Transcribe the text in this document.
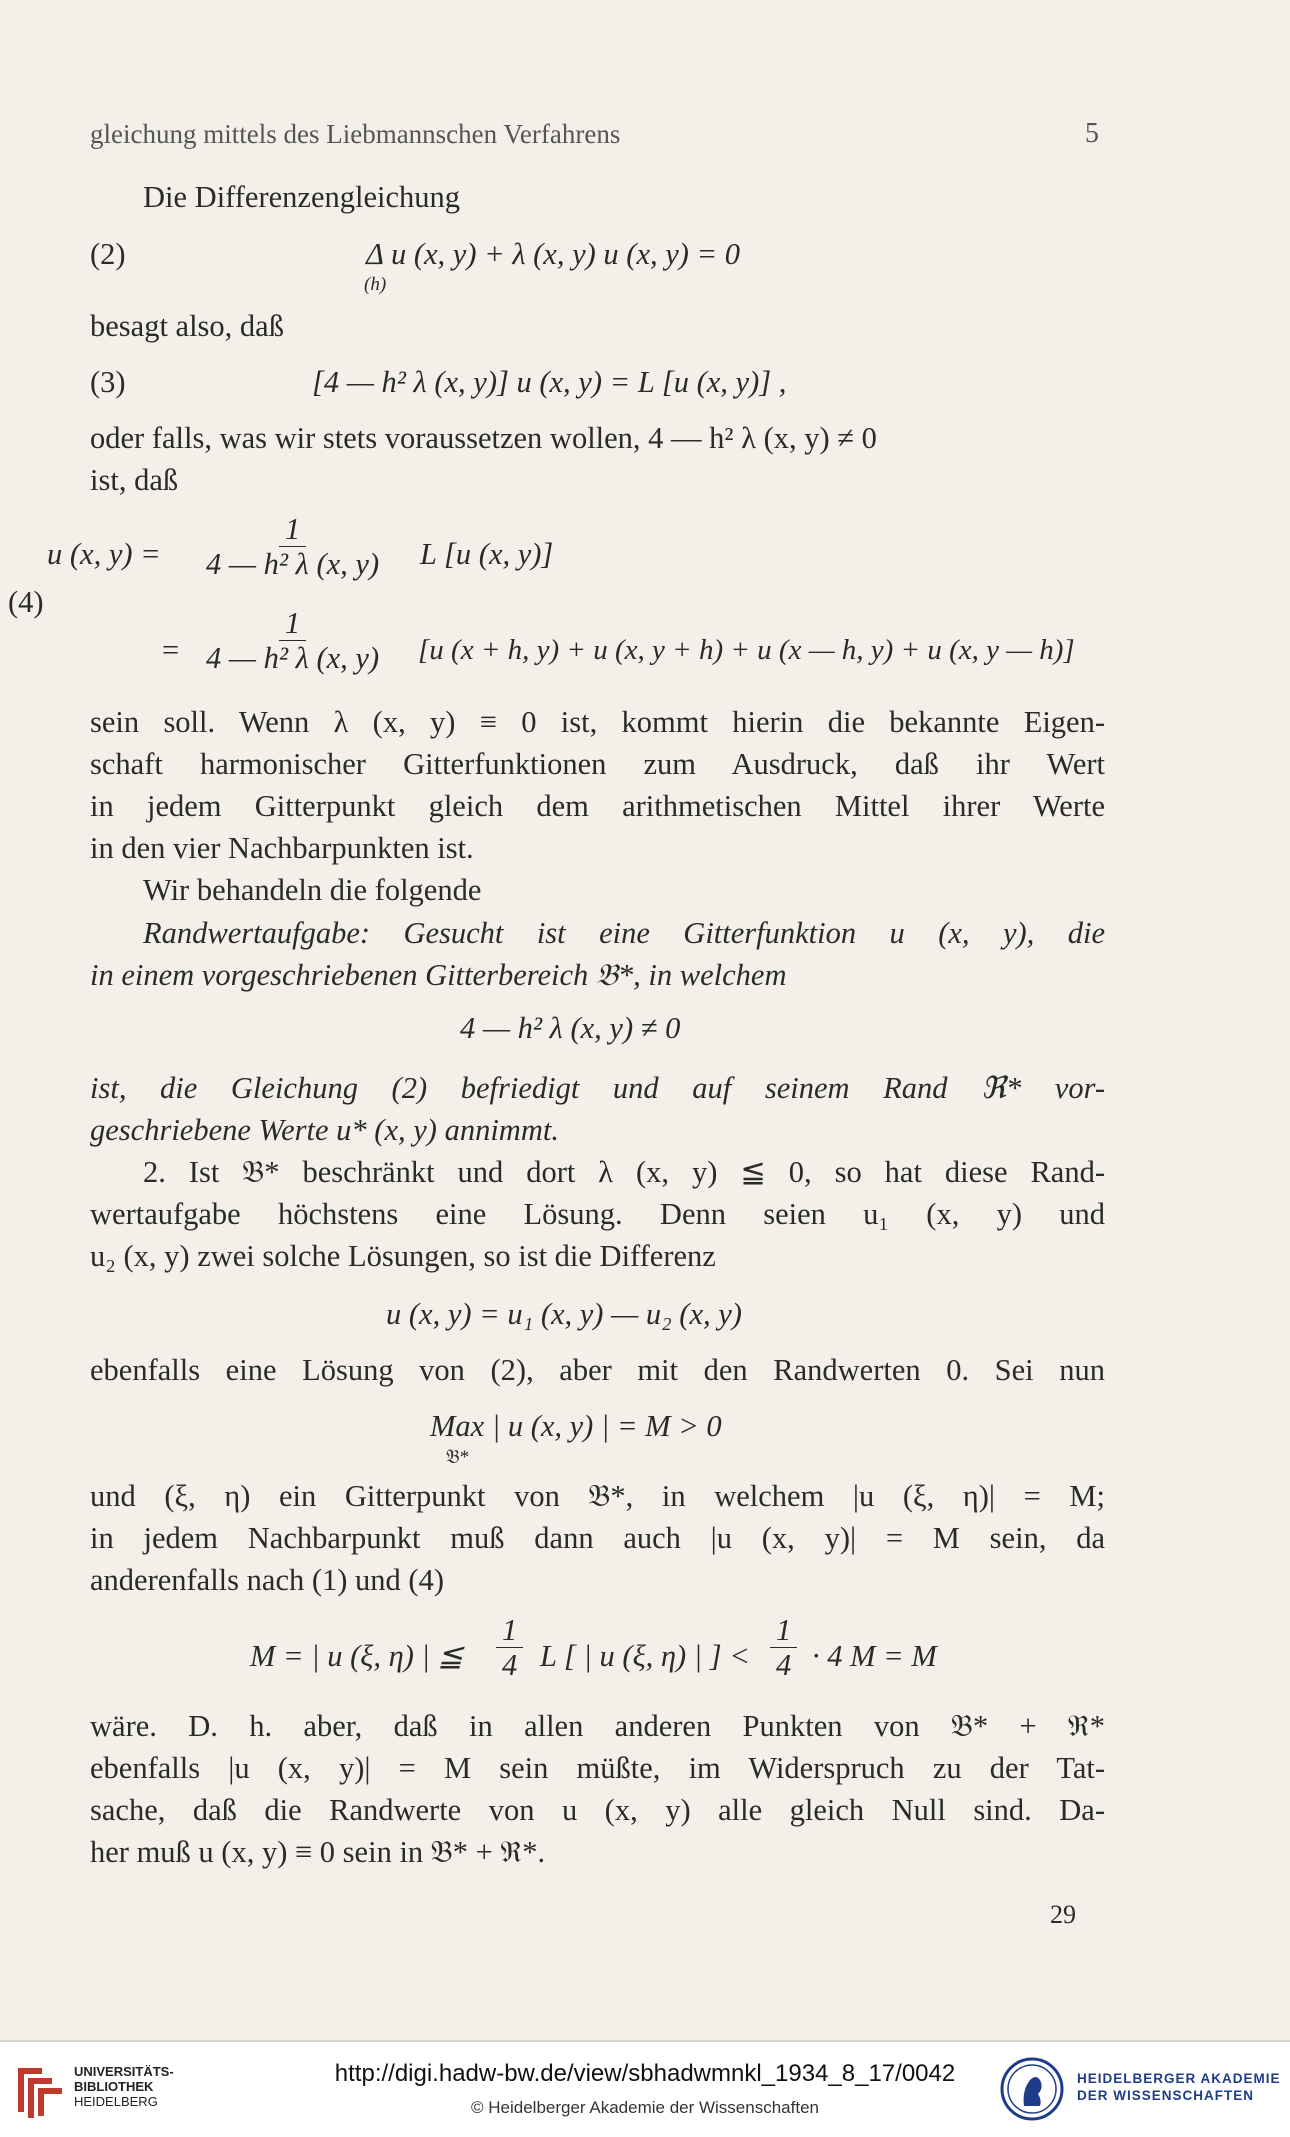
gleichung mittels des Liebmannschen Verfahrens	5
Die Differenzengleichung
(2)	Δ u (x, y) + λ (x, y) u (x, y) = 0
(h)
besagt also, daß
(3)	[4 — h² λ (x, y)] u (x, y) = L [u (x, y)] ,
oder falls, was wir stets voraussetzen wollen, 4 — h² λ (x, y) ≠ 0
ist, daß
(4)
u (x, $y) = \frac{1}{\text{4 — h² λ (x, y)}}$ L [u (x, y)]
= $\frac{1}{\text{4 — h² λ (x, y)}} [u$ (x + h, y) + u (x, y + h) + u (x — h, y) + u (x, y — h)]
sein soll. Wenn λ (x, y) ≡ 0 ist, kommt hierin die bekannte Eigen-
schaft harmonischer Gitterfunktionen zum Ausdruck, daß ihr Wert
in jedem Gitterpunkt gleich dem arithmetischen Mittel ihrer Werte
in den vier Nachbarpunkten ist.
Wir behandeln die folgende
Randwertaufgabe: Gesucht ist eine Gitterfunktion u (x, y), die
in einem vorgeschriebenen Gitterbereich 𝔅*, in welchem
4 — h² λ (x, y) ≠ 0
ist, die Gleichung (2) befriedigt und auf seinem Rand ℜ* vor-
geschriebene Werte u* (x, y) annimmt.
2. Ist 𝔅* beschränkt und dort λ (x, y) ≦ 0, so hat diese Rand-
wertaufgabe höchstens eine Lösung. Denn seien u₁ (x, y) und
u₂ (x, y) zwei solche Lösungen, so ist die Differenz
u (x, y) = u₁ (x, y) — u₂ (x, y)
ebenfalls eine Lösung von (2), aber mit den Randwerten 0. Sei nun
Max | u (x, y) | = M > 0
𝔅*
und (ξ, η) ein Gitterpunkt von 𝔅*, in welchem |u (ξ, η)| = M;
in jedem Nachbarpunkt muß dann auch |u (x, y)| = M sein, da
anderenfalls nach (1) und (4)
M = | u (ξ, η) | ≦ $\frac{1}{4}$ L [ | u (ξ, η) | ] < $\frac{1}{4} \cdot 4$ M = M
wäre. D. h. aber, daß in allen anderen Punkten von 𝔅* + ℜ*
ebenfalls |u (x, y)| = M sein müßte, im Widerspruch zu der Tat-
sache, daß die Randwerte von u (x, y) alle gleich Null sind. Da-
her muß u (x, y) ≡ 0 sein in 𝔅* + ℜ*.
29
UNIVERSITÄTS-
BIBLIOTHEK
HEIDELBERG
http://digi.hadw-bw.de/view/sbhadwmnkl_1934_8_17/0042
© Heidelberger Akademie der Wissenschaften
HEIDELBERGER AKADEMIE
DER WISSENSCHAFTEN
